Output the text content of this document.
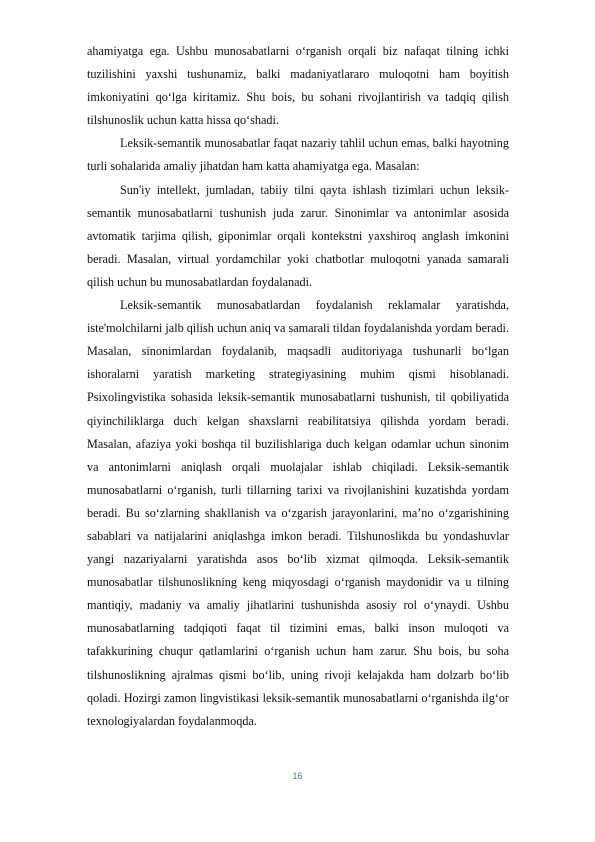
ahamiyatga ega. Ushbu munosabatlarni o‘rganish orqali biz nafaqat tilning ichki tuzilishini yaxshi tushunamiz, balki madaniyatlararo muloqotni ham boyitish imkoniyatini qo‘lga kiritamiz. Shu bois, bu sohani rivojlantirish va tadqiq qilish tilshunoslik uchun katta hissa qo‘shadi.

Leksik-semantik munosabatlar faqat nazariy tahlil uchun emas, balki hayotning turli sohalarida amaliy jihatdan ham katta ahamiyatga ega. Masalan:

Sun'iy intellekt, jumladan, tabiiy tilni qayta ishlash tizimlari uchun leksik-semantik munosabatlarni tushunish juda zarur. Sinonimlar va antonimlar asosida avtomatik tarjima qilish, giponimlar orqali kontekstni yaxshiroq anglash imkonini beradi. Masalan, virtual yordamchilar yoki chatbotlar muloqotni yanada samarali qilish uchun bu munosabatlardan foydalanadi.

Leksik-semantik munosabatlardan foydalanish reklamalar yaratishda, iste'molchilarni jalb qilish uchun aniq va samarali tildan foydalanishda yordam beradi. Masalan, sinonimlardan foydalanib, maqsadli auditoriyaga tushunarli bo‘lgan ishoralarni yaratish marketing strategiyasining muhim qismi hisoblanadi. Psixolingvistika sohasida leksik-semantik munosabatlarni tushunish, til qobiliyatida qiyinchiliklarga duch kelgan shaxslarni reabilitatsiya qilishda yordam beradi. Masalan, afaziya yoki boshqa til buzilishlariga duch kelgan odamlar uchun sinonim va antonimlarni aniqlash orqali muolajalar ishlab chiqiladi. Leksik-semantik munosabatlarni o‘rganish, turli tillarning tarixi va rivojlanishini kuzatishda yordam beradi. Bu so‘zlarning shakllanish va o‘zgarish jarayonlarini, maʼno o‘zgarishining sabablari va natijalarini aniqlashga imkon beradi. Tilshunoslikda bu yondashuvlar yangi nazariyalarni yaratishda asos bo‘lib xizmat qilmoqda. Leksik-semantik munosabatlar tilshunoslikning keng miqyosdagi o‘rganish maydonidir va u tilning mantiqiy, madaniy va amaliy jihatlarini tushunishda asosiy rol o‘ynaydi. Ushbu munosabatlarning tadqiqoti faqat til tizimini emas, balki inson muloqoti va tafakkurining chuqur qatlamlarini o‘rganish uchun ham zarur. Shu bois, bu soha tilshunoslikning ajralmas qismi bo‘lib, uning rivoji kelajakda ham dolzarb bo‘lib qoladi. Hozirgi zamon lingvistikasi leksik-semantik munosabatlarni o‘rganishda ilg‘or texnologiyalardan foydalanmoqda.

16
